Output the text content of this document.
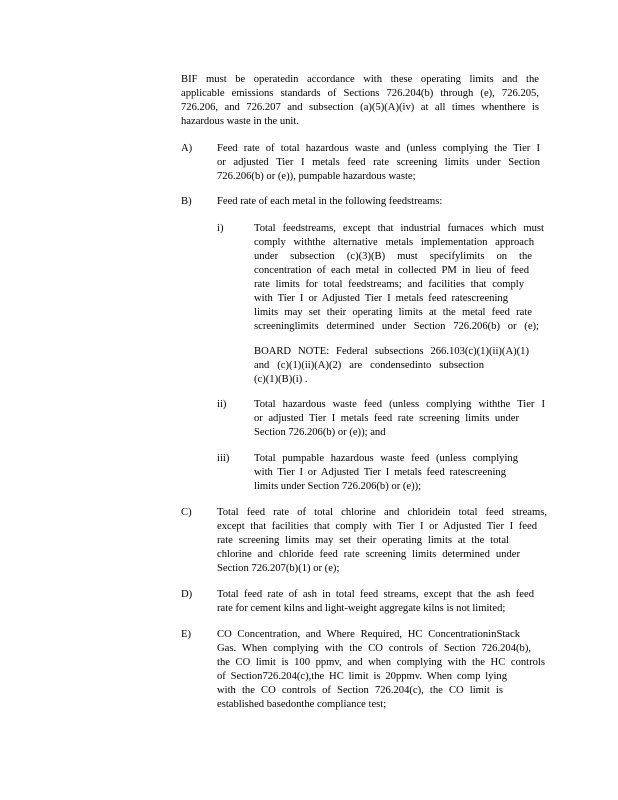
BIF must be operatedin accordance with these operating limits and the
applicable emissions standards of Sections 726.204(b) through (e), 726.205,
726.206, and 726.207 and subsection (a)(5)(A)(iv) at all times whenthere is
hazardous waste in the unit.
A) Feed rate of total hazardous waste and (unless complying the Tier I
or adjusted Tier I metals feed rate screening limits under Section
726.206(b) or (e)), pumpable hazardous waste;
B) Feed rate of each metal in the following feedstreams:
i)	Total feedstreams, except that industrial furnaces which must
comply withthe alternative metals implementation approach
under subsection (c)(3)(B) must specifylimits on the
concentration of each metal in collected PM in lieu of feed
rate limits for total feedstreams; and facilities that comply
with Tier I or Adjusted Tier I metals feed ratescreening
limits may set their operating limits at the metal feed rate
screeninglimits determined under Section 726.206(b) or (e);
BOARD NOTE: Federal subsections 266.103(c)(1)(ii)(A)(1)
and (c)(1)(ii)(A)(2) are condensedinto subsection
(c)(1)(B)(i) .
ii)	Total hazardous waste feed (unless complying withthe Tier I
or adjusted Tier I metals feed rate screening limits under
Section 726.206(b) or (e)); and
iii) Total pumpable hazardous waste feed (unless complying
with Tier I or Adjusted Tier I metals feed ratescreening
limits under Section 726.206(b) or (e));
C) Total feed rate of total chlorine and chloridein total feed streams,
except that facilities that comply with Tier I or Adjusted Tier I feed
rate screening limits may set their operating limits at the total
chlorine and chloride feed rate screening limits determined under
Section 726.207(b)(1) or (e);
D) Total feed rate of ash in total feed streams, except that the ash feed
rate for cement kilns and light-weight aggregate kilns is not limited;
E) CO Concentration, and Where Required, HC ConcentrationinStack
Gas. When complying with the CO controls of Section 726.204(b),
the CO limit is 100 ppmv, and when complying with the HC controls
of Section726.204(c),the HC limit is 20ppmv. When comp lying
with the CO controls of Section 726.204(c), the CO limit is
established basedonthe compliance test;
